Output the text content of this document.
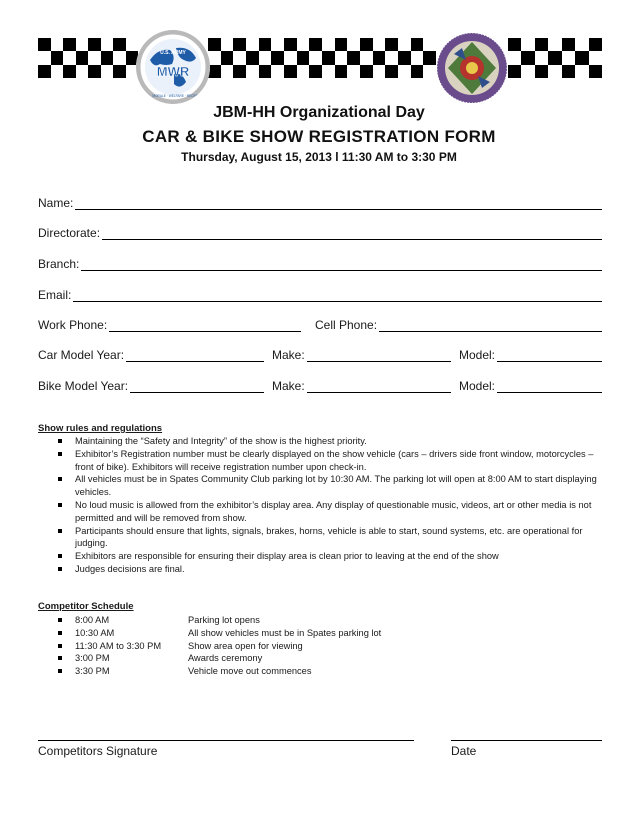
U.S. ARMY
MWR
FAMILY · MORALE · WELFARE · RECREATION
JBM-HH Organizational Day
CAR & BIKE SHOW REGISTRATION FORM
Thursday, August 15, 2013 l 11:30 AM to 3:30 PM
Name:
Directorate:
Branch:
Email:
Work Phone:	Cell Phone:
Car Model Year:	Make:	Model:
Bike Model Year:	Make:	Model:
Show rules and regulations
Maintaining the “Safety and Integrity” of the show is the highest priority.
Exhibitor’s Registration number must be clearly displayed on the show vehicle (cars – drivers side front window, motorcycles – front of bike). Exhibitors will receive registration number upon check-in.
All vehicles must be in Spates Community Club parking lot by 10:30 AM. The parking lot will open at 8:00 AM to start displaying vehicles.
No loud music is allowed from the exhibitor’s display area. Any display of questionable music, videos, art or other media is not permitted and will be removed from show.
Participants should ensure that lights, signals, brakes, horns, vehicle is able to start, sound systems, etc. are operational for judging.
Exhibitors are responsible for ensuring their display area is clean prior to leaving at the end of the show
Judges decisions are final.
Competitor Schedule
8:00 AM	Parking lot opens
10:30 AM	All show vehicles must be in Spates parking lot
11:30 AM to 3:30 PM	Show area open for viewing
3:00 PM	Awards ceremony
3:30 PM	Vehicle move out commences
Competitors Signature	Date
